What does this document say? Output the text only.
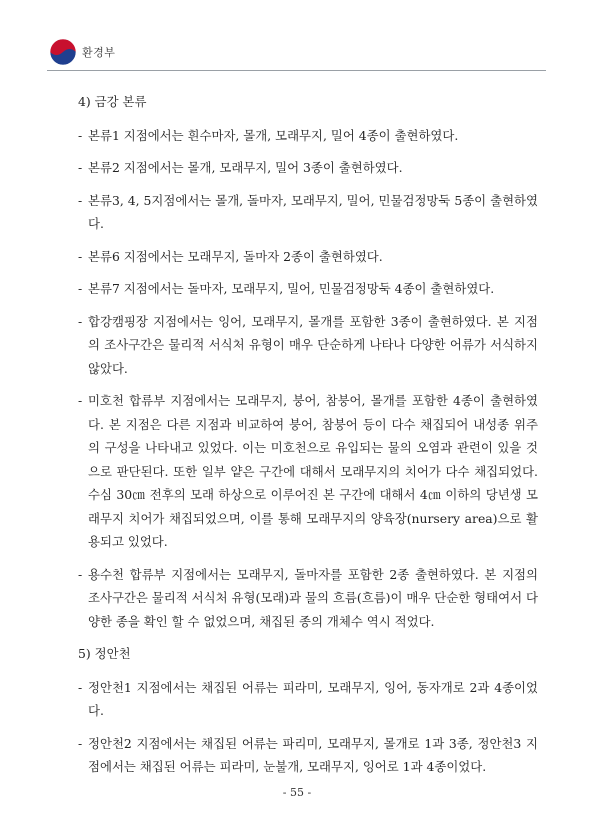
환경부
4) 금강 본류
- 본류1 지점에서는 흰수마자, 몰개, 모래무지, 밀어 4종이 출현하였다.
- 본류2 지점에서는 몰개, 모래무지, 밀어 3종이 출현하였다.
- 본류3, 4, 5지점에서는 몰개, 돌마자, 모래무지, 밀어, 민물검정망둑 5종이 출현하였다.
- 본류6 지점에서는 모래무지, 돌마자 2종이 출현하였다.
- 본류7 지점에서는 돌마자, 모래무지, 밀어, 민물검정망둑 4종이 출현하였다.
- 합강캠핑장 지점에서는 잉어, 모래무지, 몰개를 포함한 3종이 출현하였다. 본 지점의 조사구간은 물리적 서식처 유형이 매우 단순하게 나타나 다양한 어류가 서식하지 않았다.
- 미호천 합류부 지점에서는 모래무지, 붕어, 참붕어, 몰개를 포함한 4종이 출현하였다. 본 지점은 다른 지점과 비교하여 붕어, 참붕어 등이 다수 채집되어 내성종 위주의 구성을 나타내고 있었다. 이는 미호천으로 유입되는 물의 오염과 관련이 있을 것으로 판단된다. 또한 일부 얕은 구간에 대해서 모래무지의 치어가 다수 채집되었다. 수심 30㎝ 전후의 모래 하상으로 이루어진 본 구간에 대해서 4㎝ 이하의 당년생 모래무지 치어가 채집되었으며, 이를 통해 모래무지의 양육장(nursery area)으로 활용되고 있었다.
- 용수천 합류부 지점에서는 모래무지, 돌마자를 포함한 2종 출현하였다. 본 지점의 조사구간은 물리적 서식처 유형(모래)과 물의 흐름(흐름)이 매우 단순한 형태여서 다양한 종을 확인 할 수 없었으며, 채집된 종의 개체수 역시 적었다.
5) 정안천
- 정안천1 지점에서는 채집된 어류는 피라미, 모래무지, 잉어, 동자개로 2과 4종이었다.
- 정안천2 지점에서는 채집된 어류는 파리미, 모래무지, 몰개로 1과 3종, 정안천3 지점에서는 채집된 어류는 피라미, 눈불개, 모래무지, 잉어로 1과 4종이었다.
- 55 -
